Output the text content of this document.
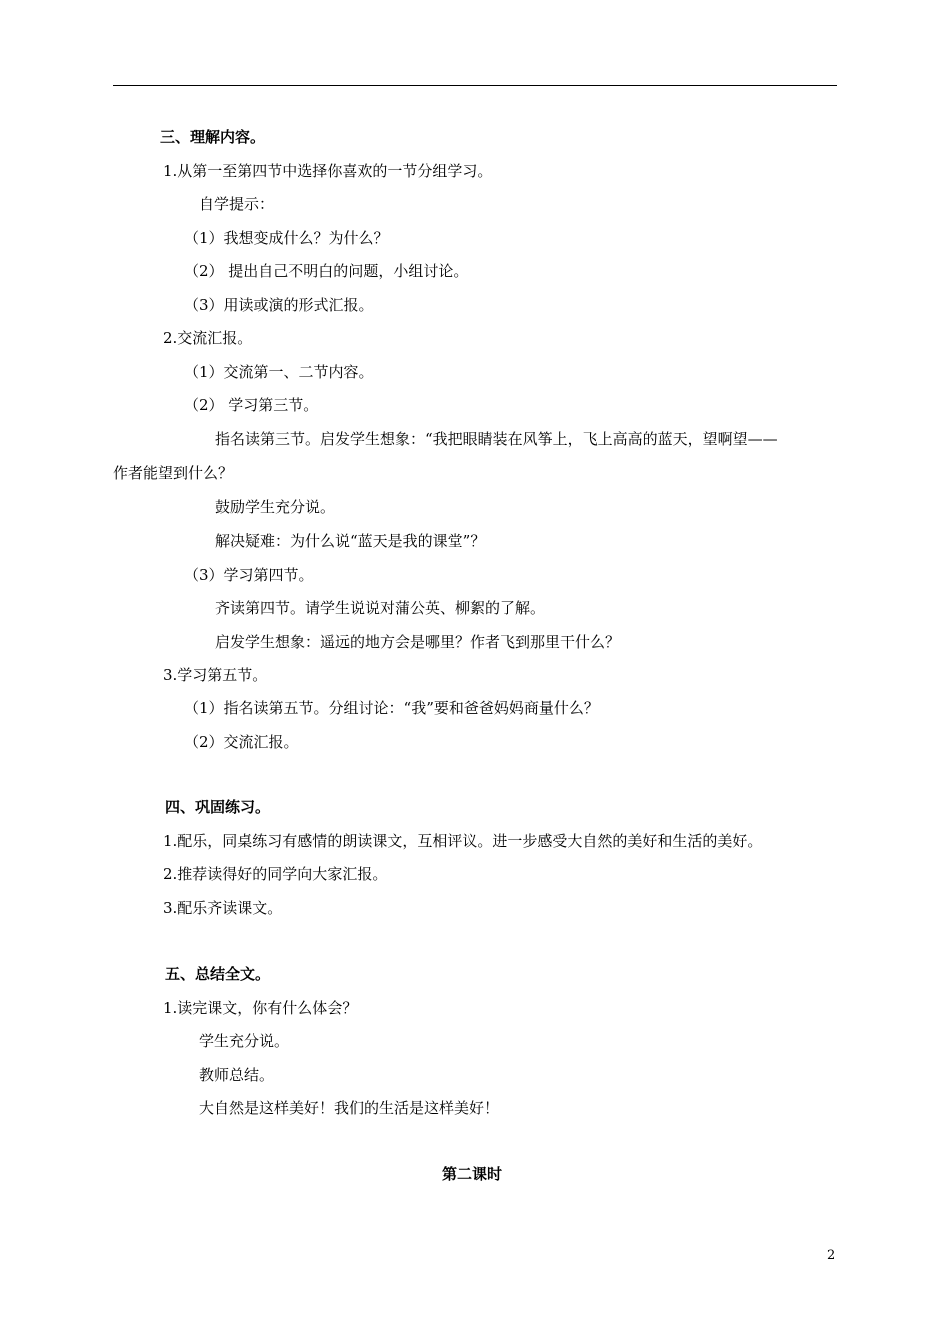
三、理解内容。

1.从第一至第四节中选择你喜欢的一节分组学习。

自学提示：

（1）我想变成什么？为什么？

（2） 提出自己不明白的问题，小组讨论。

（3）用读或演的形式汇报。

2.交流汇报。

（1）交流第一、二节内容。

（2） 学习第三节。

指名读第三节。启发学生想象：“我把眼睛装在风筝上，飞上高高的蓝天，望啊望——

作者能望到什么？

鼓励学生充分说。

解决疑难：为什么说“蓝天是我的课堂”？

（3）学习第四节。

齐读第四节。请学生说说对蒲公英、柳絮的了解。

启发学生想象：遥远的地方会是哪里？作者飞到那里干什么？

3.学习第五节。

（1）指名读第五节。分组讨论：“我”要和爸爸妈妈商量什么？

（2）交流汇报。

四、巩固练习。

1.配乐，同桌练习有感情的朗读课文，互相评议。进一步感受大自然的美好和生活的美好。

2.推荐读得好的同学向大家汇报。

3.配乐齐读课文。

五、总结全文。

1.读完课文，你有什么体会？

学生充分说。

教师总结。

大自然是这样美好！我们的生活是这样美好！

第二课时

2
